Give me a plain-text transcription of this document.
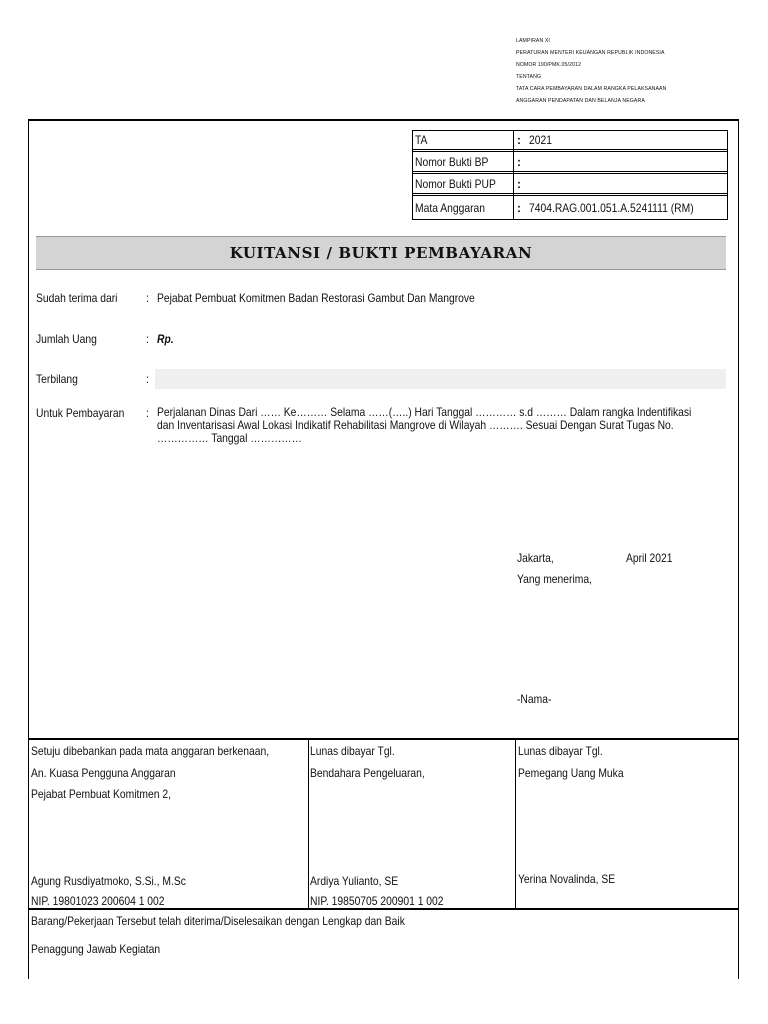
LAMPIRAN XI
PERATURAN MENTERI KEUANGAN REPUBLIK INDONESIA
NOMOR 190/PMK.05/2012
TENTANG
TATA CARA PEMBAYARAN DALAM RANGKA PELAKSANAAN
ANGGARAN PENDAPATAN DAN BELANJA NEGARA
TA	: 2021
Nomor Bukti BP :
Nomor Bukti PUP :
Mata Anggaran	: 7404.RAG.001.051.A.5241111 (RM)
KUITANSI / BUKTI PEMBAYARAN
Sudah terima dari : Pejabat Pembuat Komitmen Badan Restorasi Gambut Dan Mangrove
Jumlah Uang	: Rp.
Terbilang	:
Untuk Pembayaran : Perjalanan Dinas Dari …… Ke……… Selama ……(…..) Hari Tanggal ………… s.d ……… Dalam rangka Indentifikasi
dan Inventarisasi Awal Lokasi Indikatif Rehabilitasi Mangrove di Wilayah ………. Sesuai Dengan Surat Tugas No.
…………… Tanggal ……………
Jakarta,	April 2021
Yang menerima,
-Nama-
Setuju dibebankan pada mata anggaran berkenaan,
An. Kuasa Pengguna Anggaran
Pejabat Pembuat Komitmen 2,
Agung Rusdiyatmoko, S.Si., M.Sc
NIP. 19801023 200604 1 002
Lunas dibayar Tgl.
Bendahara Pengeluaran,
Ardiya Yulianto, SE
NIP. 19850705 200901 1 002
Lunas dibayar Tgl.
Pemegang Uang Muka
Yerina Novalinda, SE
Barang/Pekerjaan Tersebut telah diterima/Diselesaikan dengan Lengkap dan Baik
Penaggung Jawab Kegiatan
